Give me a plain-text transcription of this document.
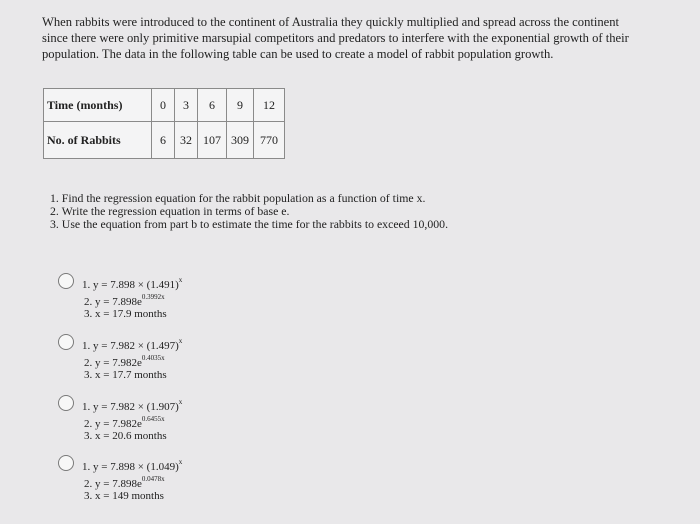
When rabbits were introduced to the continent of Australia they quickly multiplied and spread across the continent since there were only primitive marsupial competitors and predators to interfere with the exponential growth of their population. The data in the following table can be used to create a model of rabbit population growth.
Time (months)	0	3	6	9	12
No. of Rabbits	6	32	107	309	770
1. Find the regression equation for the rabbit population as a function of time x.
2. Write the regression equation in terms of base e.
3. Use the equation from part b to estimate the time for the rabbits to exceed 10,000.
1. $y = 7.898 \times (1.491)^x$
2. $y = 7.898e^{0.3992x}$
3. x = 17.9 months
1. $y = 7.982 \times (1.497)^x$
2. $y = 7.982e^{0.4035x}$
3. x = 17.7 months
1. $y = 7.982 \times (1.907)^x$
2. $y = 7.982e^{0.6455x}$
3. x = 20.6 months
1. $y = 7.898 \times (1.049)^x$
2. $y = 7.898e^{0.0478x}$
3. x = 149 months
